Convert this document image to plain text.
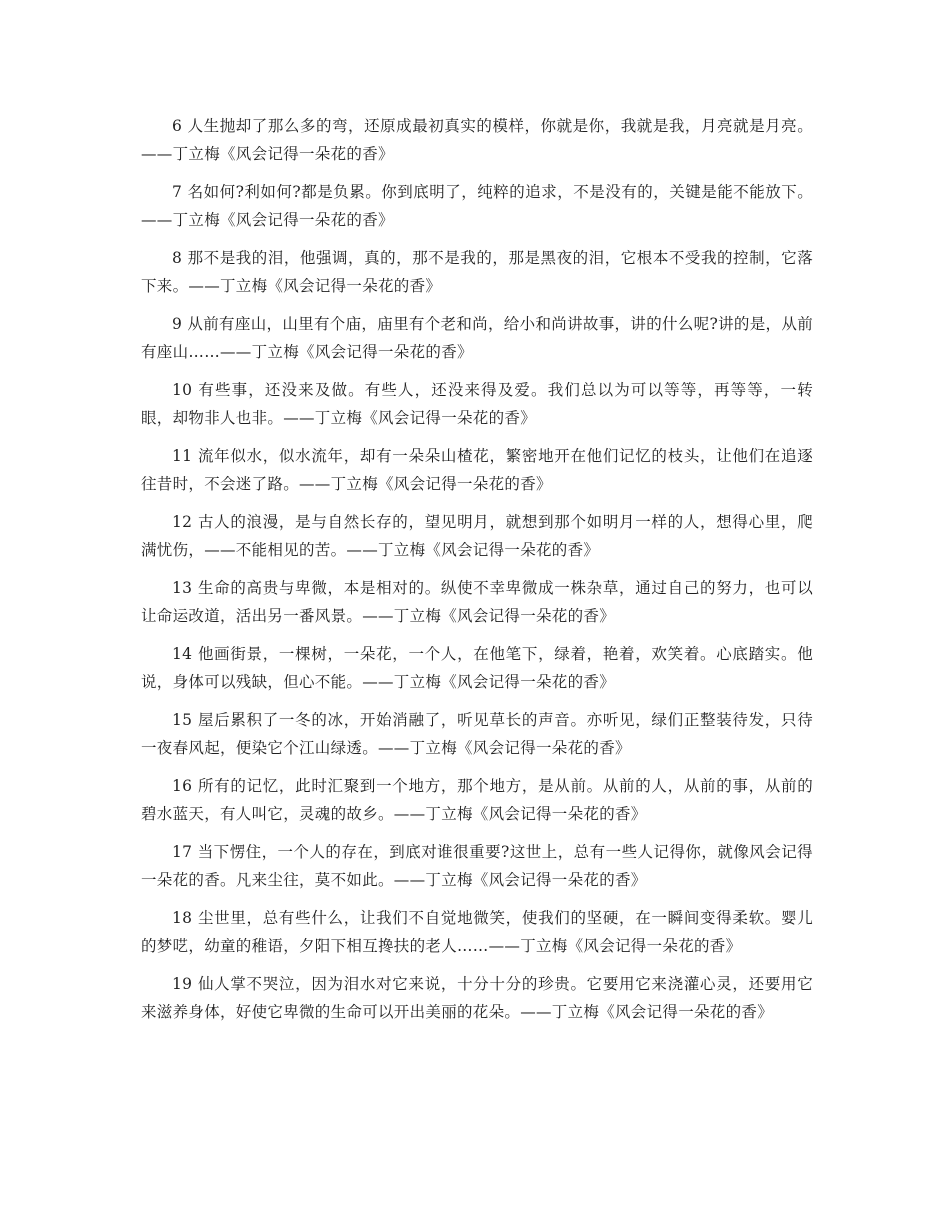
6 人生抛却了那么多的弯，还原成最初真实的模样，你就是你，我就是我，月亮就是月亮。——丁立梅《风会记得一朵花的香》

7 名如何?利如何?都是负累。你到底明了，纯粹的追求，不是没有的，关键是能不能放下。——丁立梅《风会记得一朵花的香》

8 那不是我的泪，他强调，真的，那不是我的，那是黑夜的泪，它根本不受我的控制，它落下来。——丁立梅《风会记得一朵花的香》

9 从前有座山，山里有个庙，庙里有个老和尚，给小和尚讲故事，讲的什么呢?讲的是，从前有座山……——丁立梅《风会记得一朵花的香》

10 有些事，还没来及做。有些人，还没来得及爱。我们总以为可以等等，再等等，一转眼，却物非人也非。——丁立梅《风会记得一朵花的香》

11 流年似水，似水流年，却有一朵朵山楂花，繁密地开在他们记忆的枝头，让他们在追逐往昔时，不会迷了路。——丁立梅《风会记得一朵花的香》

12 古人的浪漫，是与自然长存的，望见明月，就想到那个如明月一样的人，想得心里，爬满忧伤，——不能相见的苦。——丁立梅《风会记得一朵花的香》

13 生命的高贵与卑微，本是相对的。纵使不幸卑微成一株杂草，通过自己的努力，也可以让命运改道，活出另一番风景。——丁立梅《风会记得一朵花的香》

14 他画街景，一棵树，一朵花，一个人，在他笔下，绿着，艳着，欢笑着。心底踏实。他说，身体可以残缺，但心不能。——丁立梅《风会记得一朵花的香》

15 屋后累积了一冬的冰，开始消融了，听见草长的声音。亦听见，绿们正整装待发，只待一夜春风起，便染它个江山绿透。——丁立梅《风会记得一朵花的香》

16 所有的记忆，此时汇聚到一个地方，那个地方，是从前。从前的人，从前的事，从前的碧水蓝天，有人叫它，灵魂的故乡。——丁立梅《风会记得一朵花的香》

17 当下愣住，一个人的存在，到底对谁很重要?这世上，总有一些人记得你，就像风会记得一朵花的香。凡来尘往，莫不如此。——丁立梅《风会记得一朵花的香》

18 尘世里，总有些什么，让我们不自觉地微笑，使我们的坚硬，在一瞬间变得柔软。婴儿的梦呓，幼童的稚语，夕阳下相互搀扶的老人……——丁立梅《风会记得一朵花的香》

19 仙人掌不哭泣，因为泪水对它来说，十分十分的珍贵。它要用它来浇灌心灵，还要用它来滋养身体，好使它卑微的生命可以开出美丽的花朵。——丁立梅《风会记得一朵花的香》
